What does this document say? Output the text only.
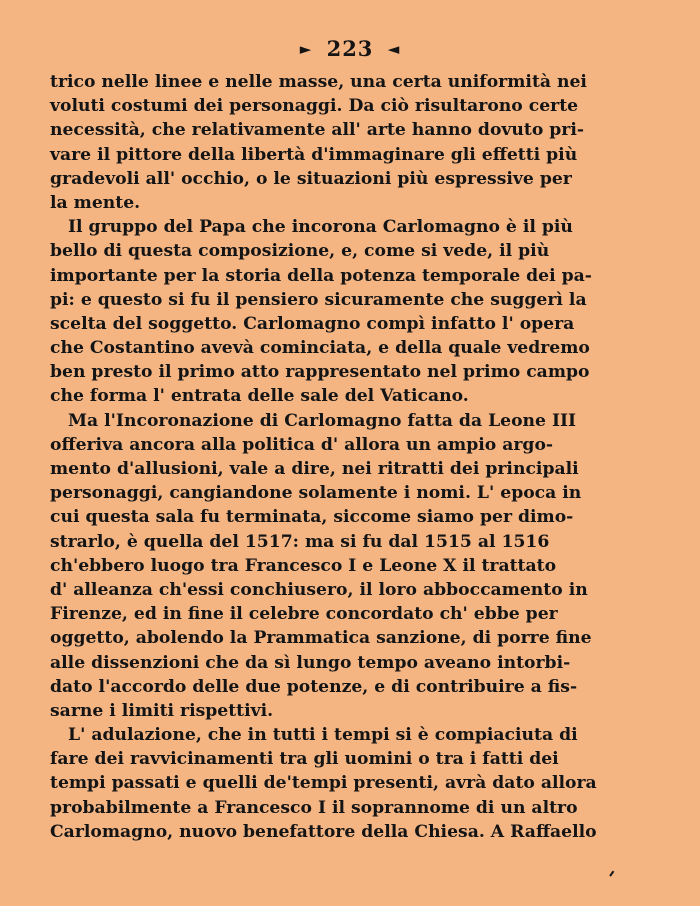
► 223 ◄
trico nelle linee e nelle masse, una certa uniformità nei
voluti costumi dei personaggi. Da ciò risultarono certe
necessità, che relativamente all' arte hanno dovuto pri-
vare il pittore della libertà d'immaginare gli effetti più
gradevoli all' occhio, o le situazioni più espressive per
la mente.
Il gruppo del Papa che incorona Carlomagno è il più
bello di questa composizione, e, come si vede, il più
importante per la storia della potenza temporale dei pa-
pi: e questo si fu il pensiero sicuramente che suggerì la
scelta del soggetto. Carlomagno compì infatto l' opera
che Costantino avevà cominciata, e della quale vedremo
ben presto il primo atto rappresentato nel primo campo
che forma l' entrata delle sale del Vaticano.
Ma l'Incoronazione di Carlomagno fatta da Leone III
offeriva ancora alla politica d' allora un ampio argo-
mento d'allusioni, vale a dire, nei ritratti dei principali
personaggi, cangiandone solamente i nomi. L' epoca in
cui questa sala fu terminata, siccome siamo per dimo-
strarlo, è quella del 1517: ma si fu dal 1515 al 1516
ch'ebbero luogo tra Francesco I e Leone X il trattato
d' alleanza ch'essi conchiusero, il loro abboccamento in
Firenze, ed in fine il celebre concordato ch' ebbe per
oggetto, abolendo la Prammatica sanzione, di porre fine
alle dissenzioni che da sì lungo tempo aveano intorbi-
dato l'accordo delle due potenze, e di contribuire a fis-
sarne i limiti rispettivi.
L' adulazione, che in tutti i tempi si è compiaciuta di
fare dei ravvicinamenti tra gli uomini o tra i fatti dei
tempi passati e quelli de'tempi presenti, avrà dato allora
probabilmente a Francesco I il soprannome di un altro
Carlomagno, nuovo benefattore della Chiesa. A Raffaello
